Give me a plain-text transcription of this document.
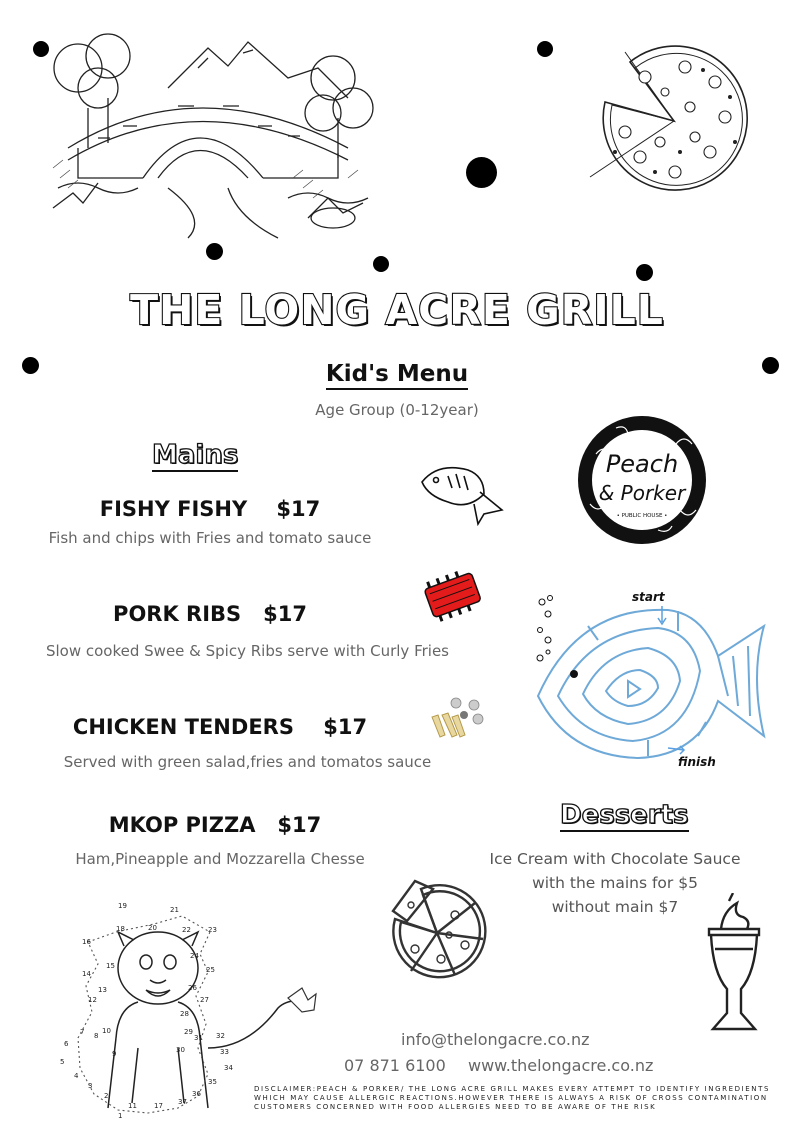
THE LONG ACRE GRILL
Kid's Menu
Age Group (0-12year)
Mains
FISHY FISHY $17
Fish and chips with Fries and tomato sauce
PORK RIBS $17
Slow cooked Swee & Spicy Ribs serve with Curly Fries
CHICKEN TENDERS $17
Served with green salad,fries and tomatos sauce
MKOP PIZZA $17
Ham,Pineapple and Mozzarella Chesse
Peach
& Porker
• PUBLIC HOUSE •
start
finish
Desserts
Ice Cream with Chocolate Sauce
with the mains for $5
without main $7
19	21
18	20	22 23
16
24
15	25
14
13	26
12	27
28
29
7	10
8	31 32
6
30	33
9
5
34
4
35
3
2	36
37
17
11
1
info@thelongacre.co.nz
07 871 6100 www.thelongacre.co.nz
DISCLAIMER:PEACH & PORKER/ THE LONG ACRE GRILL MAKES EVERY ATTEMPT TO IDENTIFY INGREDIENTS WHICH MAY CAUSE ALLERGIC REACTIONS.HOWEVER THERE IS ALWAYS A RISK OF CROSS CONTAMINATION CUSTOMERS CONCERNED WITH FOOD ALLERGIES NEED TO BE AWARE OF THE RISK
